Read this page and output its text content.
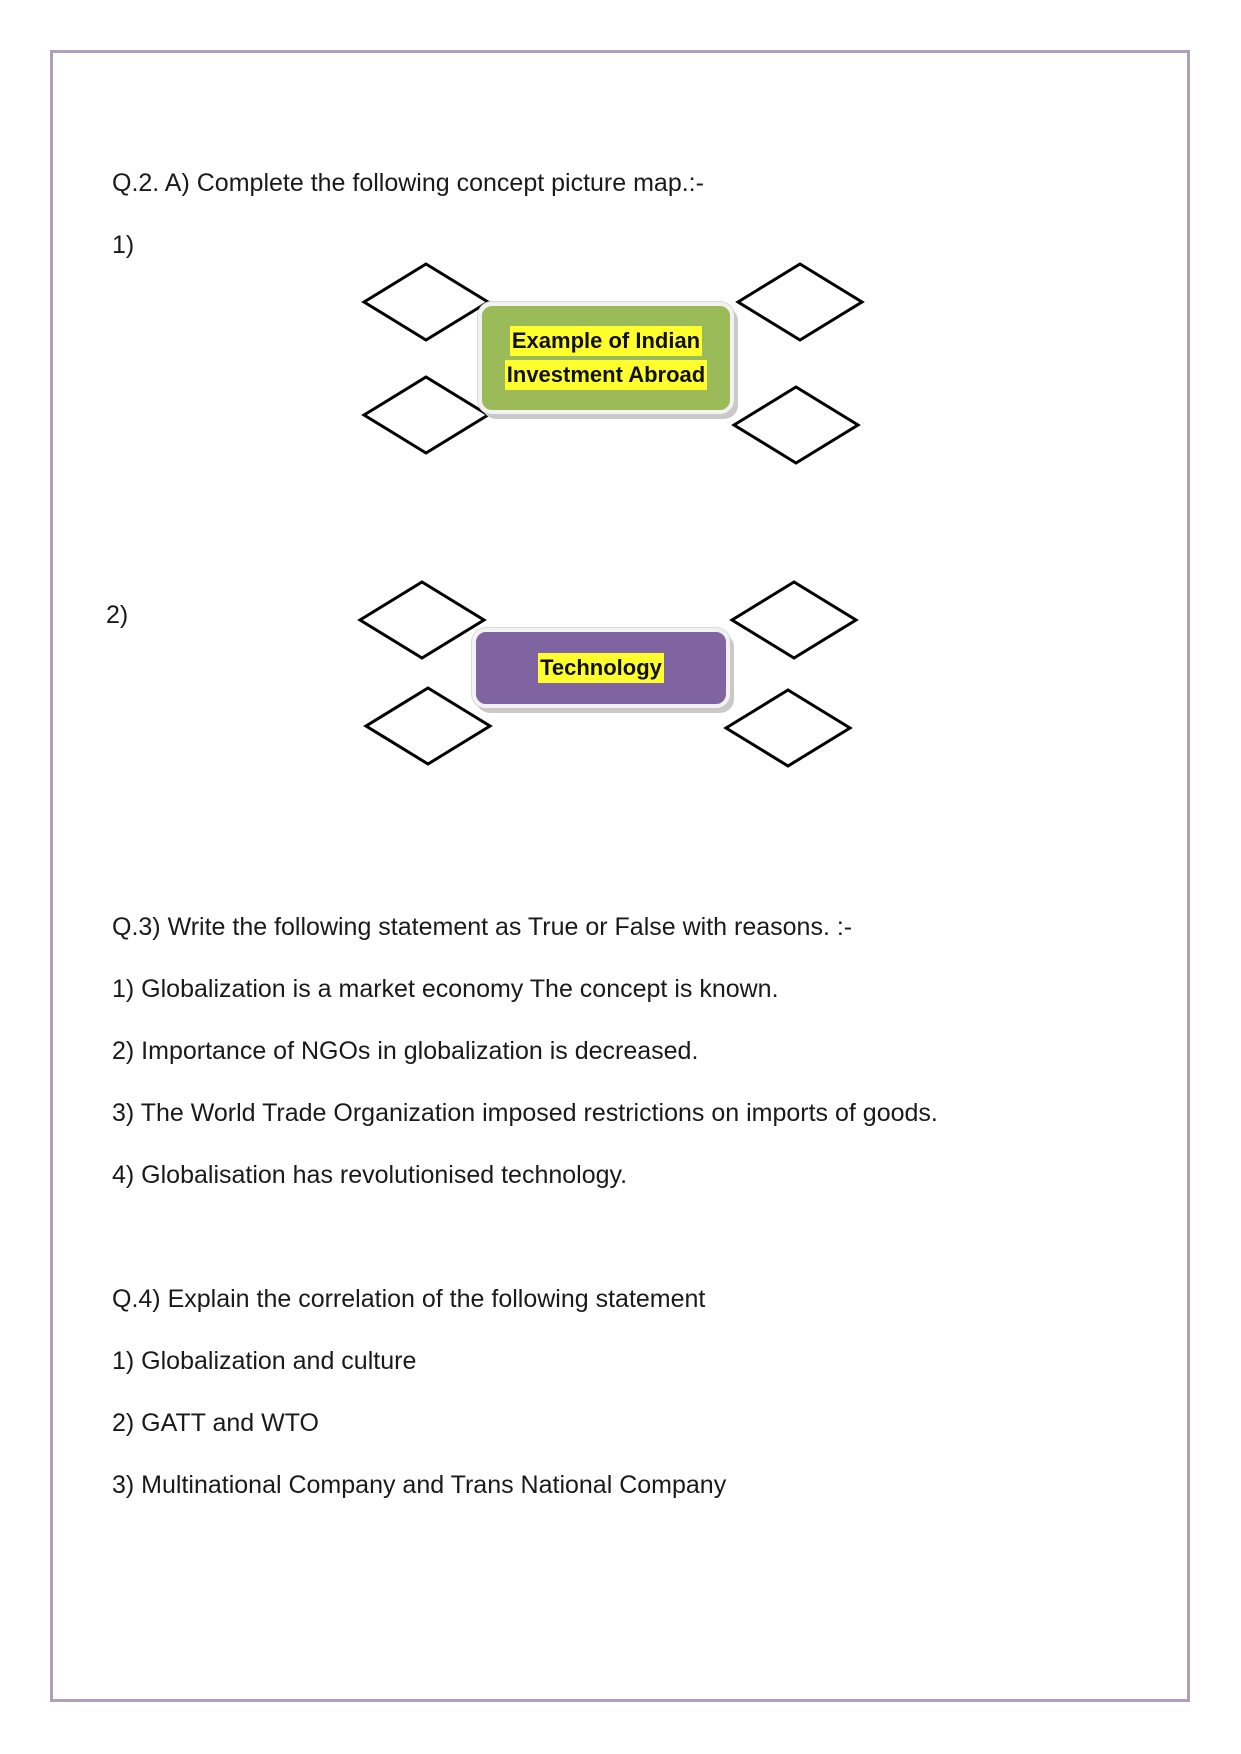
Q.2. A) Complete the following concept picture map.:-
1)
Example of Indian
Investment Abroad
2)
Technology
Q.3) Write the following statement as True or False with reasons. :-
1) Globalization is a market economy The concept is known.
2) Importance of NGOs in globalization is decreased.
3) The World Trade Organization imposed restrictions on imports of goods.
4) Globalisation has revolutionised technology.
Q.4) Explain the correlation of the following statement
1) Globalization and culture
2) GATT and WTO
3) Multinational Company and Trans National Company
